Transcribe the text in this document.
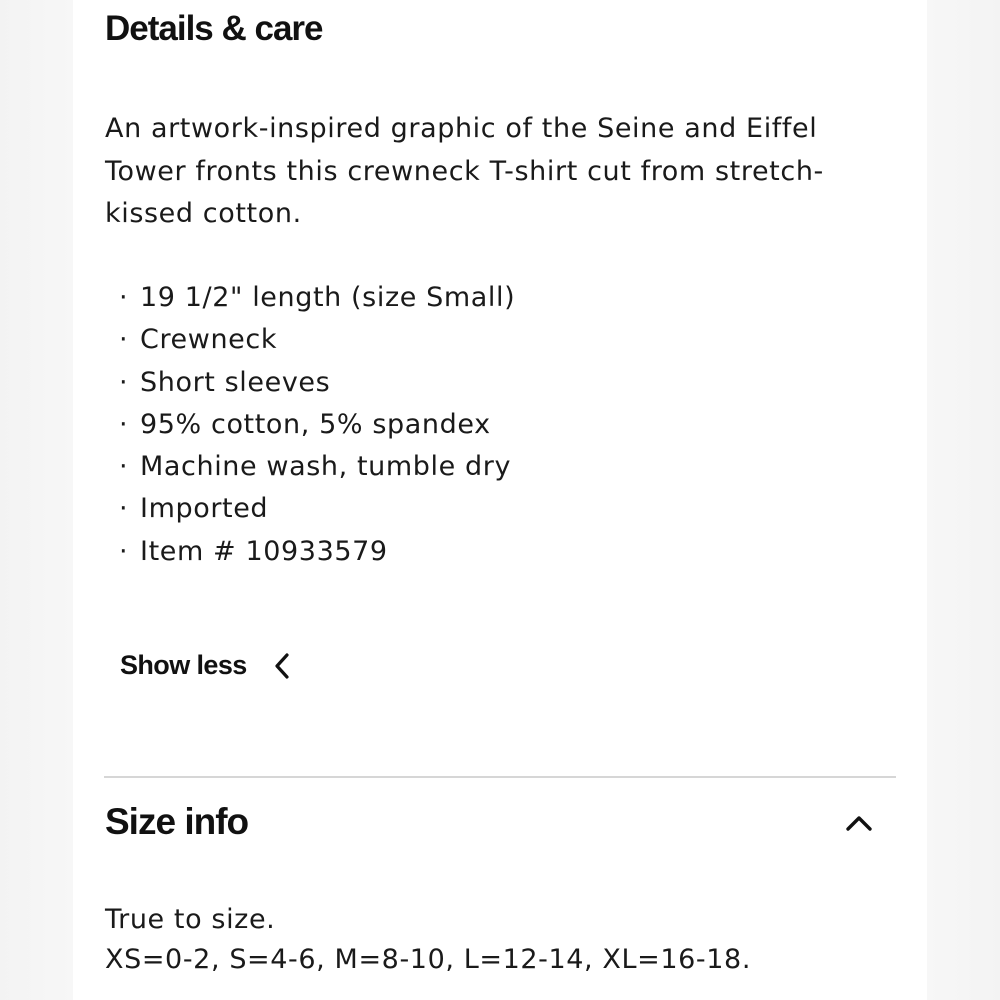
Details & care

An artwork-inspired graphic of the Seine and Eiffel Tower fronts this crewneck T-shirt cut from stretch-kissed cotton.

· 19 1/2" length (size Small)
· Crewneck
· Short sleeves
· 95% cotton, 5% spandex
· Machine wash, tumble dry
· Imported
· Item # 10933579
Show less
Size info

True to size.
XS=0-2, S=4-6, M=8-10, L=12-14, XL=16-18.
